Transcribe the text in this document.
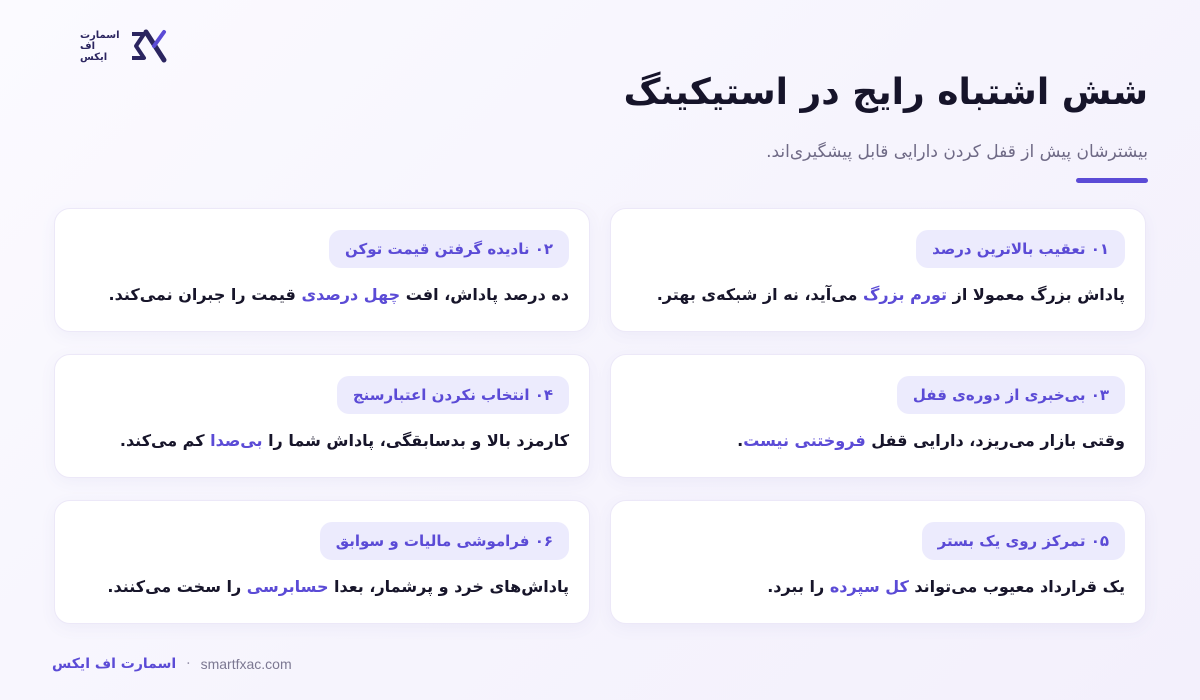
اسمارت
اف
ایکس
شش اشتباه رایج در استیکینگ

بیشترشان پیش از قفل کردن دارایی قابل پیشگیری‌اند.

۰۱ تعقیب بالاترین درصد

پاداش بزرگ معمولا از تورم بزرگ می‌آید، نه از شبکه‌ی بهتر.

۰۲ نادیده گرفتن قیمت توکن

ده درصد پاداش، افت چهل درصدی قیمت را جبران نمی‌کند.

۰۳ بی‌خبری از دوره‌ی قفل

وقتی بازار می‌ریزد، دارایی قفل فروختنی نیست.

۰۴ انتخاب نکردن اعتبارسنج

کارمزد بالا و بدسابقگی، پاداش شما را بی‌صدا کم می‌کند.

۰۵ تمرکز روی یک بستر

یک قرارداد معیوب می‌تواند کل سپرده را ببرد.

۰۶ فراموشی مالیات و سوابق

پاداش‌های خرد و پرشمار، بعدا حسابرسی را سخت می‌کنند.

اسمارت اف ایکس · smartfxac.com
